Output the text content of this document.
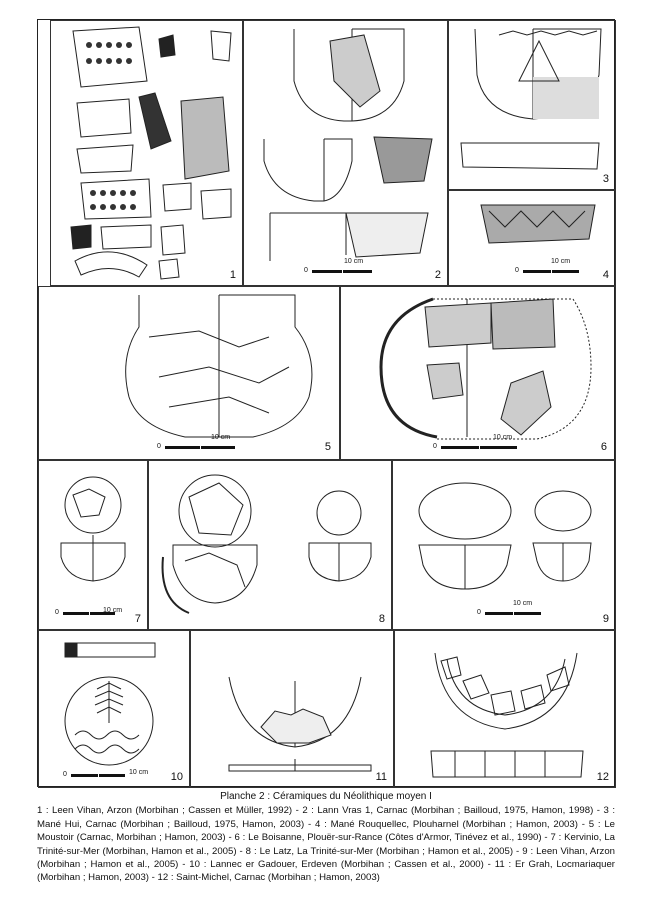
1	0
10 cm
2
3
0
10 cm
4
0
10 cm
5	0
10 cm
6
0	10 cm
7	8
0
10 cm
9
0	10 cm 10	11	12
Planche 2 : Céramiques du Néolithique moyen I
1 : Leen Vihan, Arzon (Morbihan ; Cassen et Müller, 1992) - 2 : Lann Vras 1, Carnac (Morbihan ; Bailloud, 1975, Hamon, 1998) - 3 : Mané Hui, Carnac (Morbihan ; Bailloud, 1975, Hamon, 2003) - 4 : Mané Rouquellec, Plouharnel (Morbihan ; Hamon, 2003) - 5 : Le Moustoir (Carnac, Morbihan ; Hamon, 2003) - 6 : Le Boisanne, Plouër-sur-Rance (Côtes d'Armor, Tinévez et al., 1990) - 7 : Kervinio, La Trinité-sur-Mer (Morbihan, Hamon et al., 2005) - 8 : Le Latz, La Trinité-sur-Mer (Morbihan ; Hamon et al., 2005) - 9 : Leen Vihan, Arzon (Morbihan ; Hamon et al., 2005) - 10 : Lannec er Gadouer, Erdeven (Morbihan ; Cassen et al., 2000) - 11 : Er Grah, Locmariaquer (Morbihan ; Hamon, 2003) - 12 : Saint-Michel, Carnac (Morbihan ; Hamon, 2003)
